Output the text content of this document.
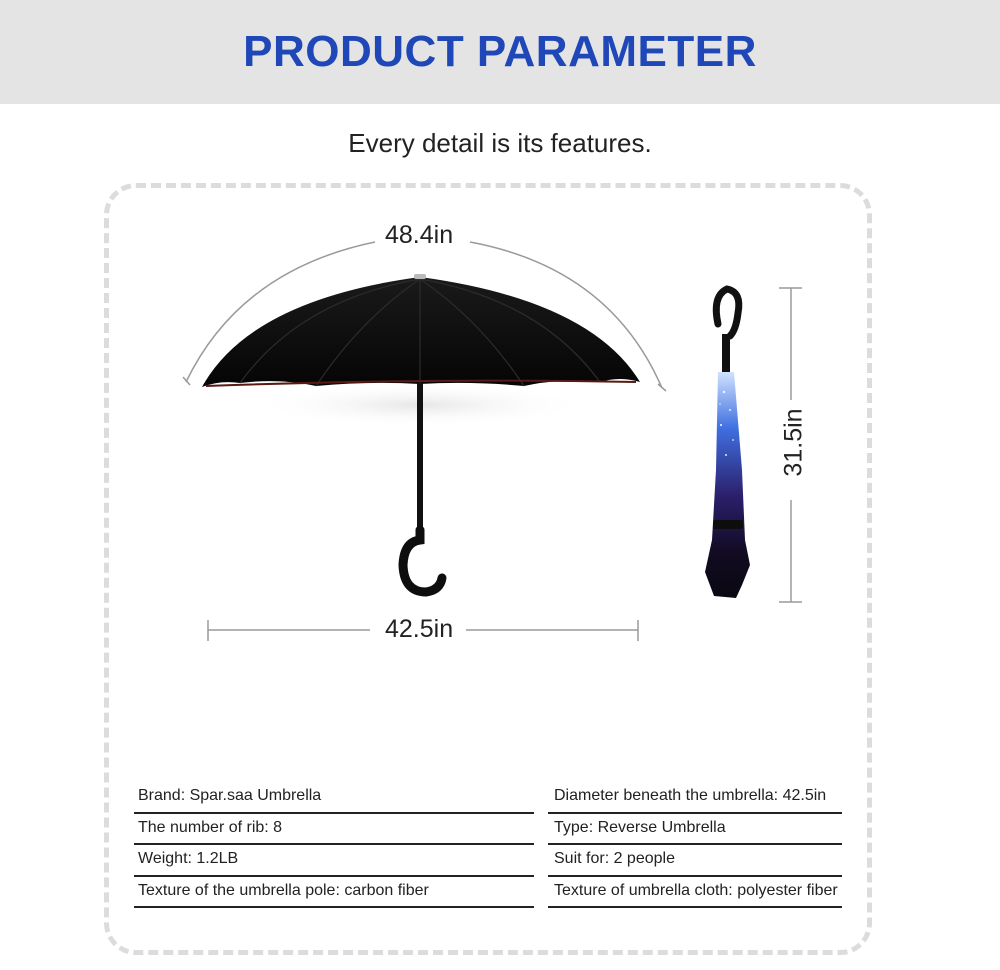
PRODUCT PARAMETER
Every detail is its features.
48.4in
42.5in
31.5in
Brand: Spar.saa Umbrella	Diameter beneath the umbrella: 42.5in
The number of rib: 8	Type: Reverse Umbrella
Weight: 1.2LB	Suit for: 2 people
Texture of the umbrella pole: carbon fiber	Texture of umbrella cloth: polyester fiber
